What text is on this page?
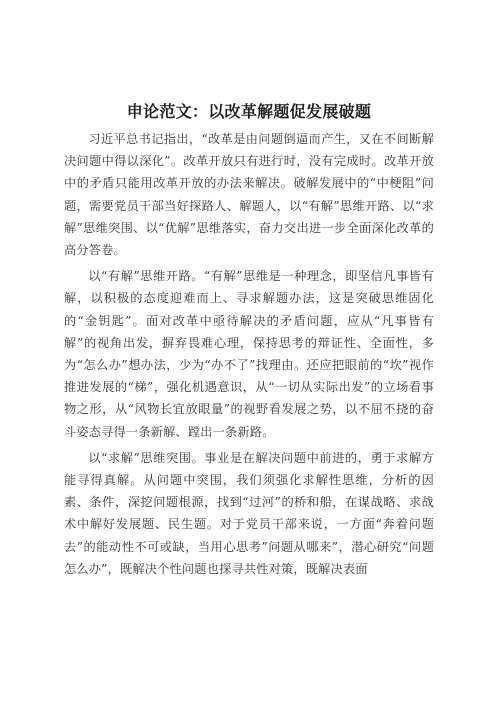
申论范文：以改革解题促发展破题

习近平总书记指出，“改革是由问题倒逼而产生，又在不间断解决问题中得以深化”。改革开放只有进行时，没有完成时。改革开放中的矛盾只能用改革开放的办法来解决。破解发展中的“中梗阻”问题，需要党员干部当好探路人、解题人，以“有解”思维开路、以“求解”思维突围、以“优解”思维落实，奋力交出进一步全面深化改革的高分答卷。

以“有解”思维开路。“有解”思维是一种理念，即坚信凡事皆有解，以积极的态度迎难而上、寻求解题办法，这是突破思维固化的“金钥匙”。面对改革中亟待解决的矛盾问题，应从“凡事皆有解”的视角出发，摒弃畏难心理，保持思考的辩证性、全面性，多为“怎么办”想办法，少为“办不了”找理由。还应把眼前的“坎”视作推进发展的“梯”，强化机遇意识，从“一切从实际出发”的立场看事物之形，从“风物长宜放眼量”的视野看发展之势，以不屈不挠的奋斗姿态寻得一条新解、蹚出一条新路。

以“求解”思维突围。事业是在解决问题中前进的，勇于求解方能寻得真解。从问题中突围，我们须强化求解性思维，分析的因素、条件，深挖问题根源，找到“过河”的桥和船，在谋战略、求战术中解好发展题、民生题。对于党员干部来说，一方面“奔着问题去”的能动性不可或缺，当用心思考”问题从哪来”，潜心研究“问题怎么办”，既解决个性问题也探寻共性对策，既解决表面
